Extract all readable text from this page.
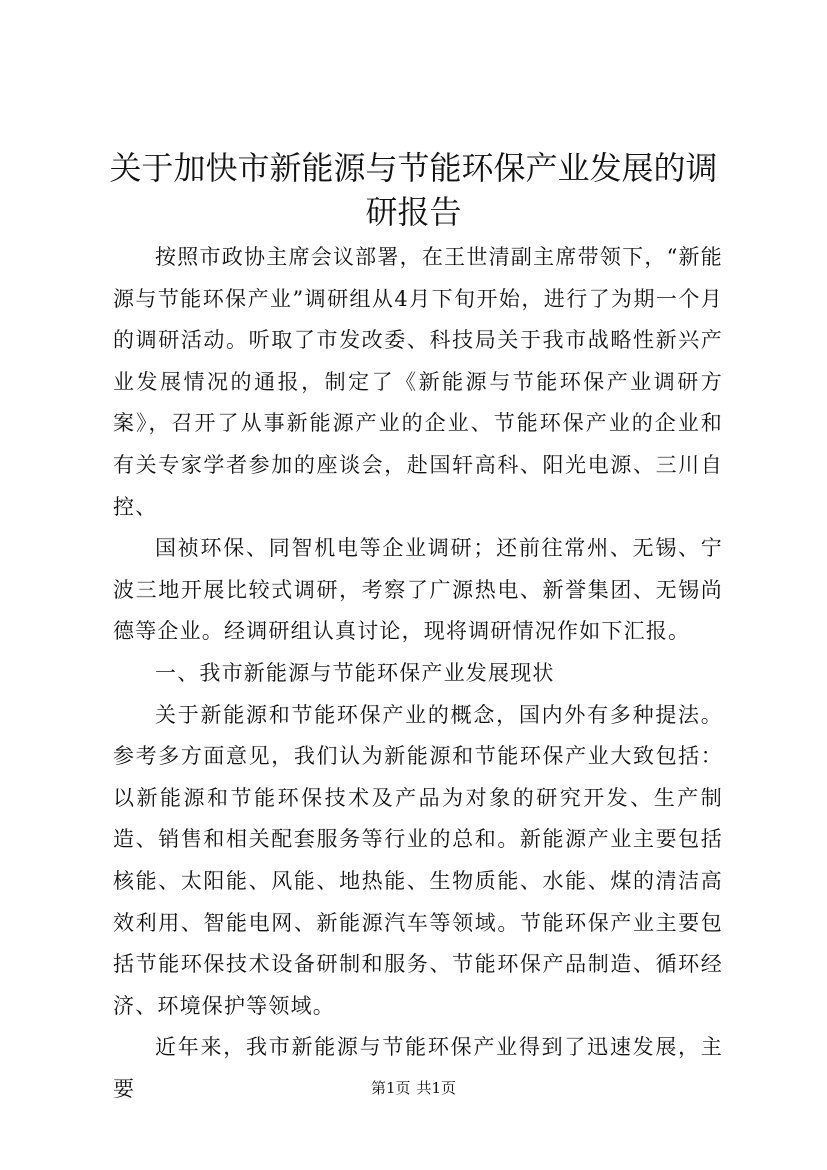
关于加快市新能源与节能环保产业发展的调研报告

按照市政协主席会议部署，在王世清副主席带领下，“新能源与节能环保产业”调研组从4月下旬开始，进行了为期一个月的调研活动。听取了市发改委、科技局关于我市战略性新兴产业发展情况的通报，制定了《新能源与节能环保产业调研方案》，召开了从事新能源产业的企业、节能环保产业的企业和有关专家学者参加的座谈会，赴国轩高科、阳光电源、三川自控、

国祯环保、同智机电等企业调研；还前往常州、无锡、宁波三地开展比较式调研，考察了广源热电、新誉集团、无锡尚德等企业。经调研组认真讨论，现将调研情况作如下汇报。

一、我市新能源与节能环保产业发展现状

关于新能源和节能环保产业的概念，国内外有多种提法。参考多方面意见，我们认为新能源和节能环保产业大致包括：以新能源和节能环保技术及产品为对象的研究开发、生产制造、销售和相关配套服务等行业的总和。新能源产业主要包括核能、太阳能、风能、地热能、生物质能、水能、煤的清洁高效利用、智能电网、新能源汽车等领域。节能环保产业主要包括节能环保技术设备研制和服务、节能环保产品制造、循环经济、环境保护等领域。

近年来，我市新能源与节能环保产业得到了迅速发展，主要	第1页 共1页
